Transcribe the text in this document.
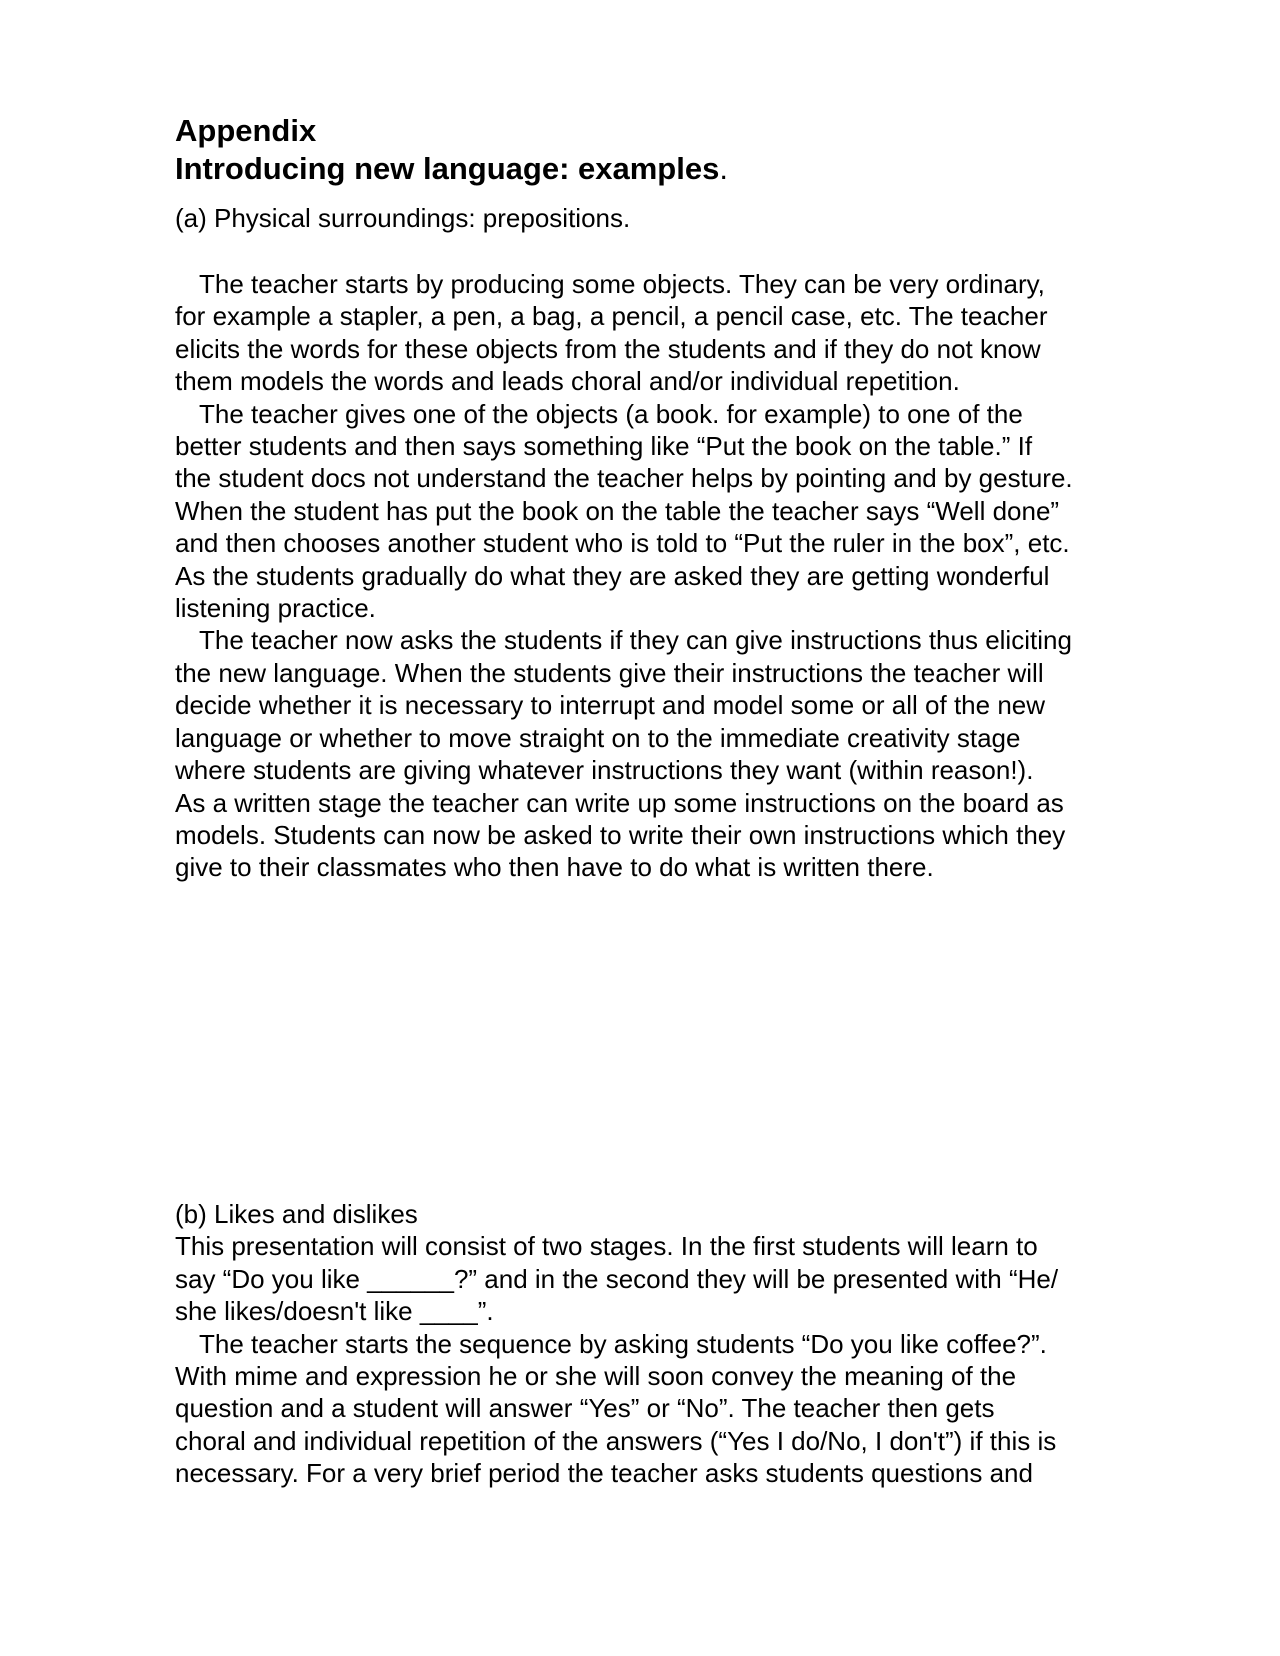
Appendix
Introducing new language: examples.

(a) Physical surroundings: prepositions.

The teacher starts by producing some objects. They can be very ordinary,

for example a stapler, a pen, a bag, a pencil, a pencil case, etc. The teacher

elicits the words for these objects from the students and if they do not know

them models the words and leads choral and/or individual repetition.

The teacher gives one of the objects (a book. for example) to one of the

better students and then says something like “Put the book on the table.” If

the student docs not understand the teacher helps by pointing and by gesture.

When the student has put the book on the table the teacher says “Well done”

and then chooses another student who is told to “Put the ruler in the box”, etc.

As the students gradually do what they are asked they are getting wonderful

listening practice.

The teacher now asks the students if they can give instructions thus eliciting

the new language. When the students give their instructions the teacher will

decide whether it is necessary to interrupt and model some or all of the new

language or whether to move straight on to the immediate creativity stage

where students are giving whatever instructions they want (within reason!).

As a written stage the teacher can write up some instructions on the board as

models. Students can now be asked to write their own instructions which they

give to their classmates who then have to do what is written there.

(b) Likes and dislikes

This presentation will consist of two stages. In the first students will learn to

say “Do you like ______?” and in the second they will be presented with “He/

she likes/doesn't like ____”.

The teacher starts the sequence by asking students “Do you like coffee?”.

With mime and expression he or she will soon convey the meaning of the

question and a student will answer “Yes” or “No”. The teacher then gets

choral and individual repetition of the answers (“Yes I do/No, I don't”) if this is

necessary. For a very brief period the teacher asks students questions and
